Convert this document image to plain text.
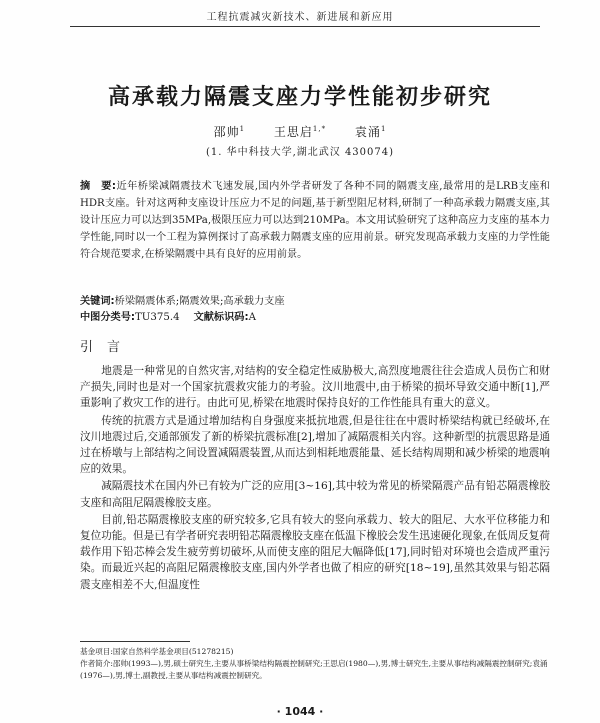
工程抗震减灾新技术、新进展和新应用
高承载力隔震支座力学性能初步研究
邵帅$^1$ 王思启$^{1,*}$ 袁涌$^1$
(1. 华中科技大学,湖北武汉 430074)
摘　要:近年桥梁减隔震技术飞速发展,国内外学者研发了各种不同的隔震支座,最常用的是LRB支座和HDR支座。针对这两种支座设计压应力不足的问题,基于新型阻尼材料,研制了一种高承载力隔震支座,其设计压应力可以达到35MPa,极限压应力可以达到210MPa。本文用试验研究了这种高应力支座的基本力学性能,同时以一个工程为算例探讨了高承载力隔震支座的应用前景。研究发现高承载力支座的力学性能符合规范要求,在桥梁隔震中具有良好的应用前景。
关键词:桥梁隔震体系;隔震效果;高承载力支座
中图分类号:TU375.4 文献标识码:A
引言

地震是一种常见的自然灾害,对结构的安全稳定性威胁极大,高烈度地震往往会造成人员伤亡和财产损失,同时也是对一个国家抗震救灾能力的考验。汶川地震中,由于桥梁的损坏导致交通中断[1],严重影响了救灾工作的进行。由此可见,桥梁在地震时保持良好的工作性能具有重大的意义。

传统的抗震方式是通过增加结构自身强度来抵抗地震,但是往往在中震时桥梁结构就已经破坏,在汶川地震过后,交通部颁发了新的桥梁抗震标准[2],增加了减隔震相关内容。这种新型的抗震思路是通过在桥墩与上部结构之间设置减隔震装置,从而达到相耗地震能量、延长结构周期和减少桥梁的地震响应的效果。

减隔震技术在国内外已有较为广泛的应用[3~16],其中较为常见的桥梁隔震产品有铅芯隔震橡胶支座和高阻尼隔震橡胶支座。

目前,铅芯隔震橡胶支座的研究较多,它具有较大的竖向承载力、较大的阻尼、大水平位移能力和复位功能。但是已有学者研究表明铅芯隔震橡胶支座在低温下橡胶会发生迅速硬化现象,在低周反复荷载作用下铅芯棒会发生疲劳剪切破坏,从而使支座的阻尼大幅降低[17],同时铅对环境也会造成严重污染。而最近兴起的高阻尼隔震橡胶支座,国内外学者也做了相应的研究[18~19],虽然其效果与铅芯隔震支座相差不大,但温度性

基金项目:国家自然科学基金项目(51278215)
作者简介:邵帅(1993—),男,硕士研究生,主要从事桥梁结构隔震控制研究;王思启(1980—),男,博士研究生,主要从事结构减隔震控制研究;袁涌(1976—),男,博士,副教授,主要从事结构减震控制研究。
· 1044 ·
